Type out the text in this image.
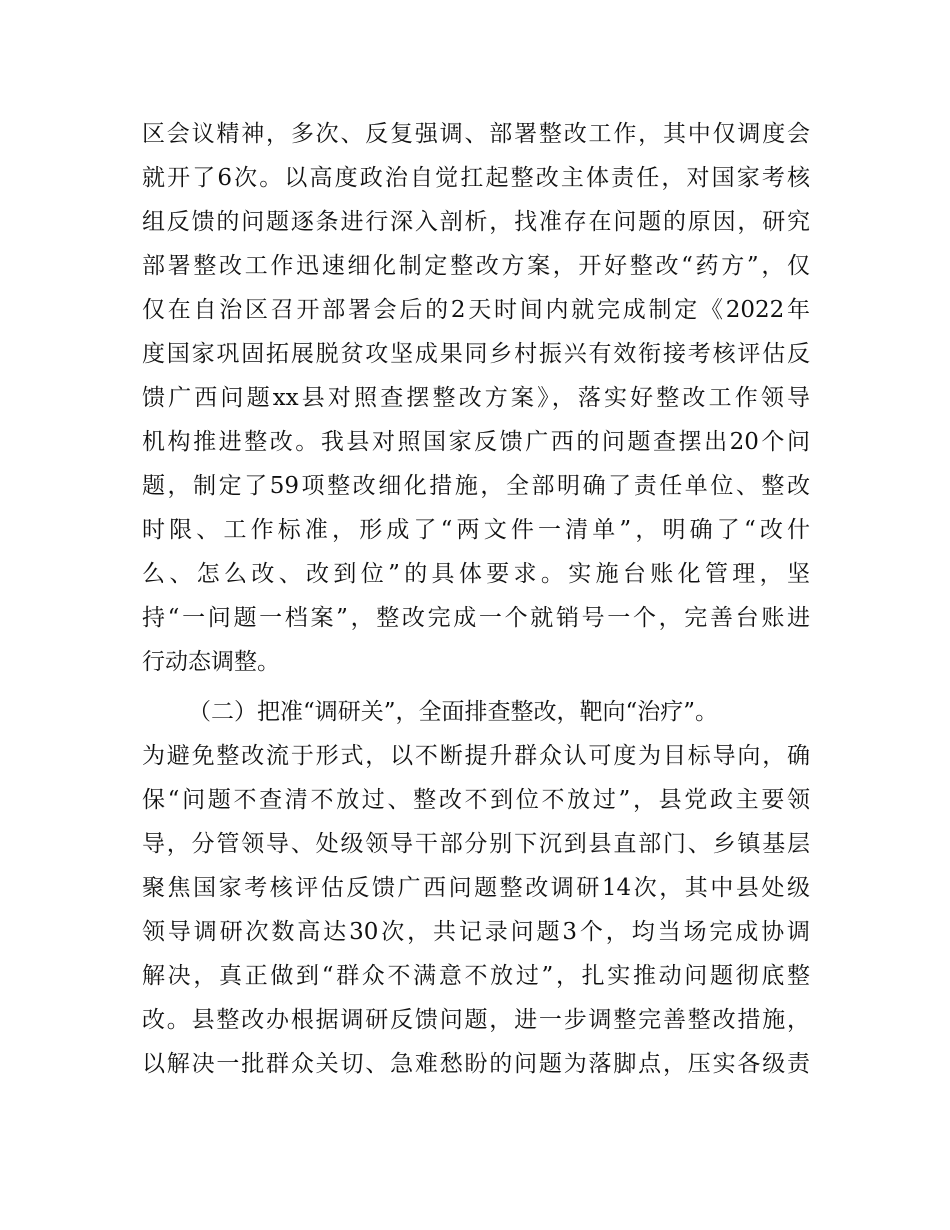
区会议精神，多次、反复强调、部署整改工作，其中仅调度会
就开了6次。以高度政治自觉扛起整改主体责任，对国家考核
组反馈的问题逐条进行深入剖析，找准存在问题的原因，研究
部署整改工作迅速细化制定整改方案，开好整改“药方”，仅
仅在自治区召开部署会后的2天时间内就完成制定《2022年
度国家巩固拓展脱贫攻坚成果同乡村振兴有效衔接考核评估反
馈广西问题xx县对照查摆整改方案》，落实好整改工作领导
机构推进整改。我县对照国家反馈广西的问题查摆出20个问
题，制定了59项整改细化措施，全部明确了责任单位、整改
时限、工作标准，形成了“两文件一清单”，明确了“改什
么、怎么改、改到位”的具体要求。实施台账化管理，坚
持“一问题一档案”，整改完成一个就销号一个，完善台账进
行动态调整。
（二）把准“调研关”，全面排查整改，靶向“治疗”。
为避免整改流于形式，以不断提升群众认可度为目标导向，确
保“问题不查清不放过、整改不到位不放过”，县党政主要领
导，分管领导、处级领导干部分别下沉到县直部门、乡镇基层
聚焦国家考核评估反馈广西问题整改调研14次，其中县处级
领导调研次数高达30次，共记录问题3个，均当场完成协调
解决，真正做到“群众不满意不放过”，扎实推动问题彻底整
改。县整改办根据调研反馈问题，进一步调整完善整改措施，
以解决一批群众关切、急难愁盼的问题为落脚点，压实各级责
